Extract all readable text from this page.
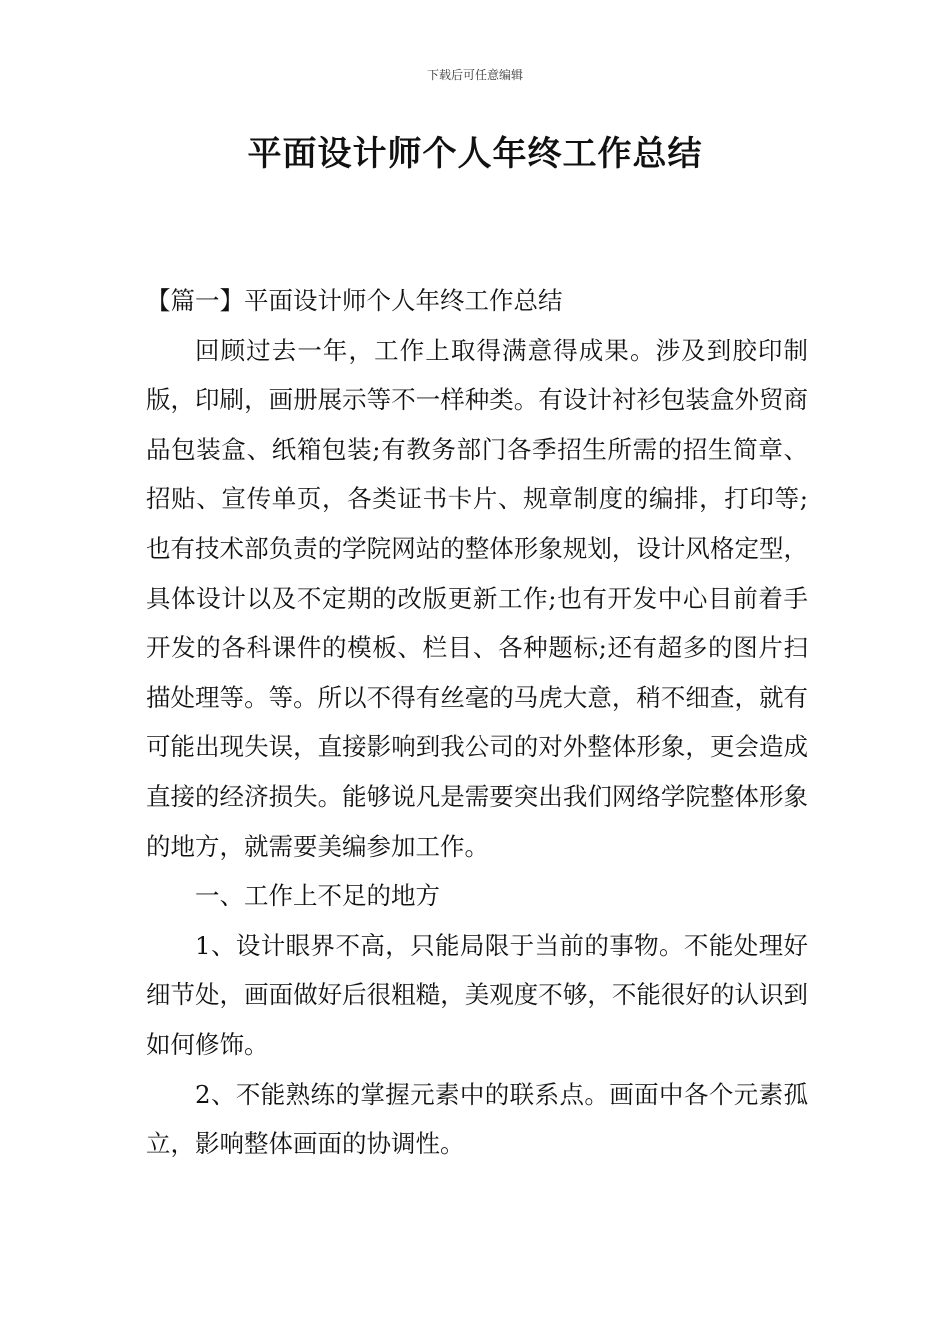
下载后可任意编辑
平面设计师个人年终工作总结

【篇一】平面设计师个人年终工作总结

回顾过去一年，工作上取得满意得成果。涉及到胶印制版，印刷，画册展示等不一样种类。有设计衬衫包装盒外贸商品包装盒、纸箱包装;有教务部门各季招生所需的招生简章、招贴、宣传单页，各类证书卡片、规章制度的编排，打印等;也有技术部负责的学院网站的整体形象规划，设计风格定型，具体设计以及不定期的改版更新工作;也有开发中心目前着手开发的各科课件的模板、栏目、各种题标;还有超多的图片扫描处理等。等。所以不得有丝毫的马虎大意，稍不细查，就有可能出现失误，直接影响到我公司的对外整体形象，更会造成直接的经济损失。能够说凡是需要突出我们网络学院整体形象的地方，就需要美编参加工作。

一、工作上不足的地方

1、设计眼界不高，只能局限于当前的事物。不能处理好细节处，画面做好后很粗糙，美观度不够，不能很好的认识到如何修饰。

2、不能熟练的掌握元素中的联系点。画面中各个元素孤立，影响整体画面的协调性。
